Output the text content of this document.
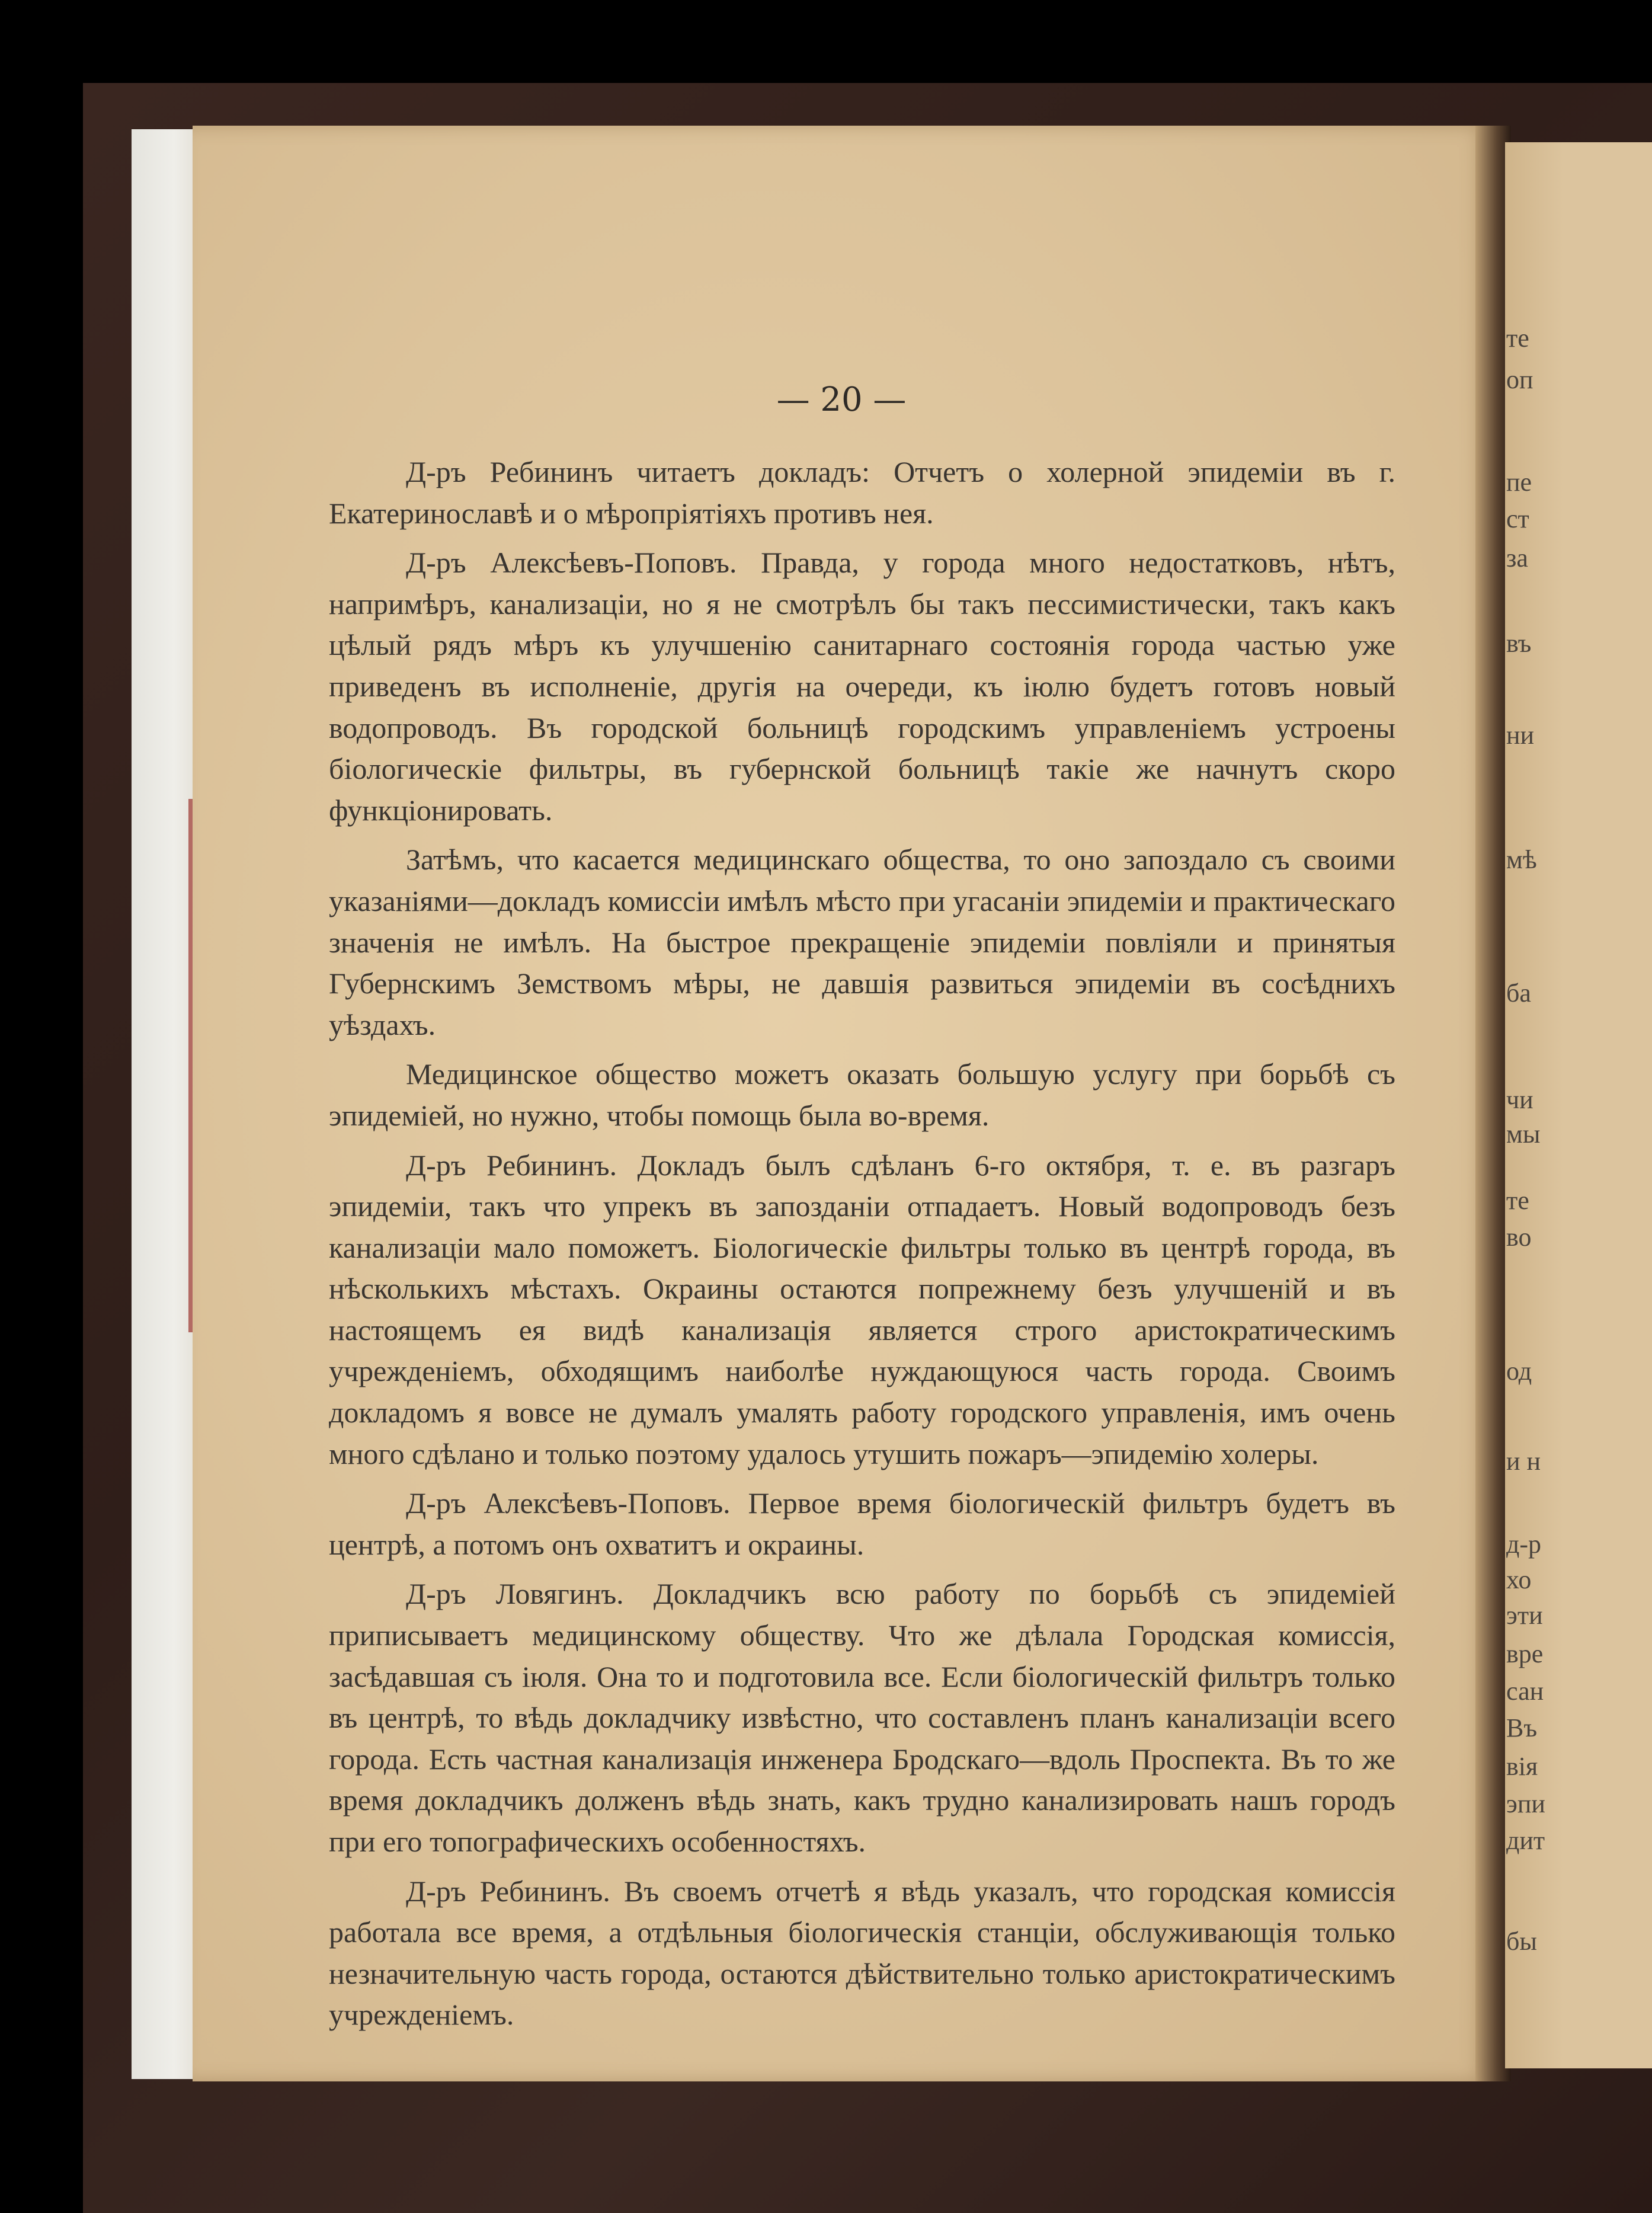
— 20 —

Д-ръ Ребининъ читаетъ докладъ: Отчетъ о холерной эпидеміи въ г. Екатеринославѣ и о мѣропріятіяхъ противъ нея.

Д-ръ Алексѣевъ-Поповъ. Правда, у города много недостатковъ, нѣтъ, напримѣръ, канализаціи, но я не смотрѣлъ бы такъ пессимистически, такъ какъ цѣлый рядъ мѣръ къ улучшенію санитарнаго состоянія города частью уже приведенъ въ исполненіе, другія на очереди, къ іюлю будетъ готовъ новый водопроводъ. Въ городской больницѣ городскимъ управленіемъ устроены біологическіе фильтры, въ губернской больницѣ такіе же начнутъ скоро функціонировать.

Затѣмъ, что касается медицинскаго общества, то оно запоздало съ своими указаніями—докладъ комиссіи имѣлъ мѣсто при угасаніи эпидеміи и практическаго значенія не имѣлъ. На быстрое прекращеніе эпидеміи повліяли и принятыя Губернскимъ Земствомъ мѣры, не давшія развиться эпидеміи въ сосѣднихъ уѣздахъ.

Медицинское общество можетъ оказать большую услугу при борьбѣ съ эпидеміей, но нужно, чтобы помощь была во-время.

Д-ръ Ребининъ. Докладъ былъ сдѣланъ 6-го октября, т. е. въ разгаръ эпидеміи, такъ что упрекъ въ запозданіи отпадаетъ. Новый водопроводъ безъ канализаціи мало поможетъ. Біологическіе фильтры только въ центрѣ города, въ нѣсколькихъ мѣстахъ. Окраины остаются попрежнему безъ улучшеній и въ настоящемъ ея видѣ канализація является строго аристократическимъ учрежденіемъ, обходящимъ наиболѣе нуждающуюся часть города. Своимъ докладомъ я вовсе не думалъ умалять работу городского управленія, имъ очень много сдѣлано и только поэтому удалось утушить пожаръ—эпидемію холеры.

Д-ръ Алексѣевъ-Поповъ. Первое время біологическій фильтръ будетъ въ центрѣ, а потомъ онъ охватитъ и окраины.

Д-ръ Ловягинъ. Докладчикъ всю работу по борьбѣ съ эпидеміей приписываетъ медицинскому обществу. Что же дѣлала Городская комиссія, засѣдавшая съ іюля. Она то и подготовила все. Если біологическій фильтръ только въ центрѣ, то вѣдь докладчику извѣстно, что составленъ планъ канализаціи всего города. Есть частная канализація инженера Бродскаго—вдоль Проспекта. Въ то же время докладчикъ долженъ вѣдь знать, какъ трудно канализировать нашъ городъ при его топографическихъ особенностяхъ.

Д-ръ Ребининъ. Въ своемъ отчетѣ я вѣдь указалъ, что городская комиссія работала все время, а отдѣльныя біологическія станціи, обслуживающія только незначительную часть города, остаются дѣйствительно только аристократическимъ учрежденіемъ.

те
оп
пе
ст
за
въ
ни
мѣ
ба
чи
мы
те
во
од
и н
д-р
хо
эти
вре
сан
Въ
вія
эпи
дит
бы
